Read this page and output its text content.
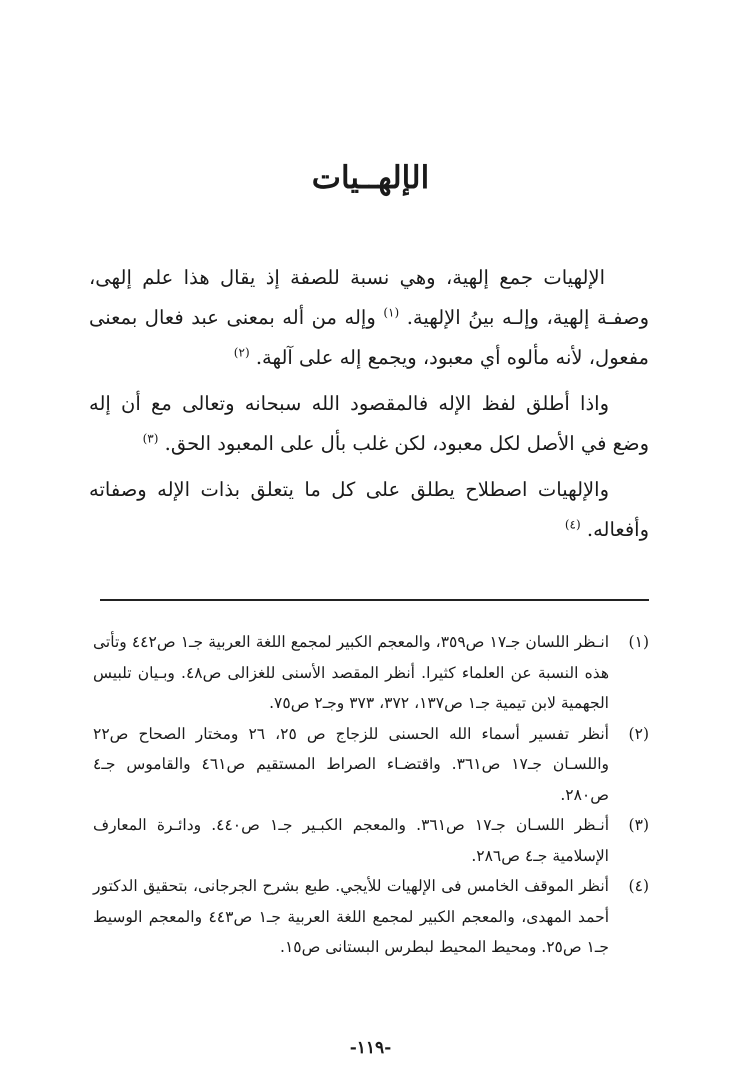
الإلهــيات

الإلهيات جمع إلهية، وهي نسبة للصفة إذ يقال هذا علم إلهى، وصفـة إلهية، وإلـه بينُ الإلهية. $^{(١)}$ وإله من أله بمعنى عبد فعال بمعنى مفعول، لأنه مألوه أي معبود، ويجمع إله على آلهة. $^{(٢)}$

واذا أطلق لفظ الإله فالمقصود الله سبحانه وتعالى مع أن إله وضع في الأصل لكل معبود، لكن غلب بأل على المعبود الحق. $^{(٣)}$

والإلهيات اصطلاح يطلق على كل ما يتعلق بذات الإله وصفاته وأفعاله. $^{(٤)}$

(١)
انـظر اللسان جـ١٧ ص٣٥٩، والمعجم الكبير لمجمع اللغة العربية جـ١ ص٤٤٢ وتأتى هذه النسبة عن العلماء كثيرا. أنظر المقصد الأسنى للغزالى ص٤٨. وبـيان تلبيس الجهمية لابن تيمية جـ١ ص١٣٧، ٣٧٢، ٣٧٣ وجـ٢ ص٧٥.
(٢)
أنظر تفسير أسماء الله الحسنى للزجاج ص ٢٥، ٢٦ ومختار الصحاح ص٢٢ واللسـان جـ١٧ ص٣٦١. واقتضـاء الصراط المستقيم ص٤٦١ والقاموس جـ٤ ص٢٨٠.
(٣)
أنـظر اللسـان جـ١٧ ص٣٦١. والمعجم الكبـير جـ١ ص٤٤٠. ودائـرة المعارف الإسلامية جـ٤ ص٢٨٦.
(٤)
أنظر الموقف الخامس فى الإلهيات للأيجي. طبع بشرح الجرجانى، بتحقيق الدكتور أحمد المهدى، والمعجم الكبير لمجمع اللغة العربية جـ١ ص٤٤٣ والمعجم الوسيط جـ١ ص٢٥. ومحيط المحيط لبطرس البستانى ص١٥.
-١١٩-
